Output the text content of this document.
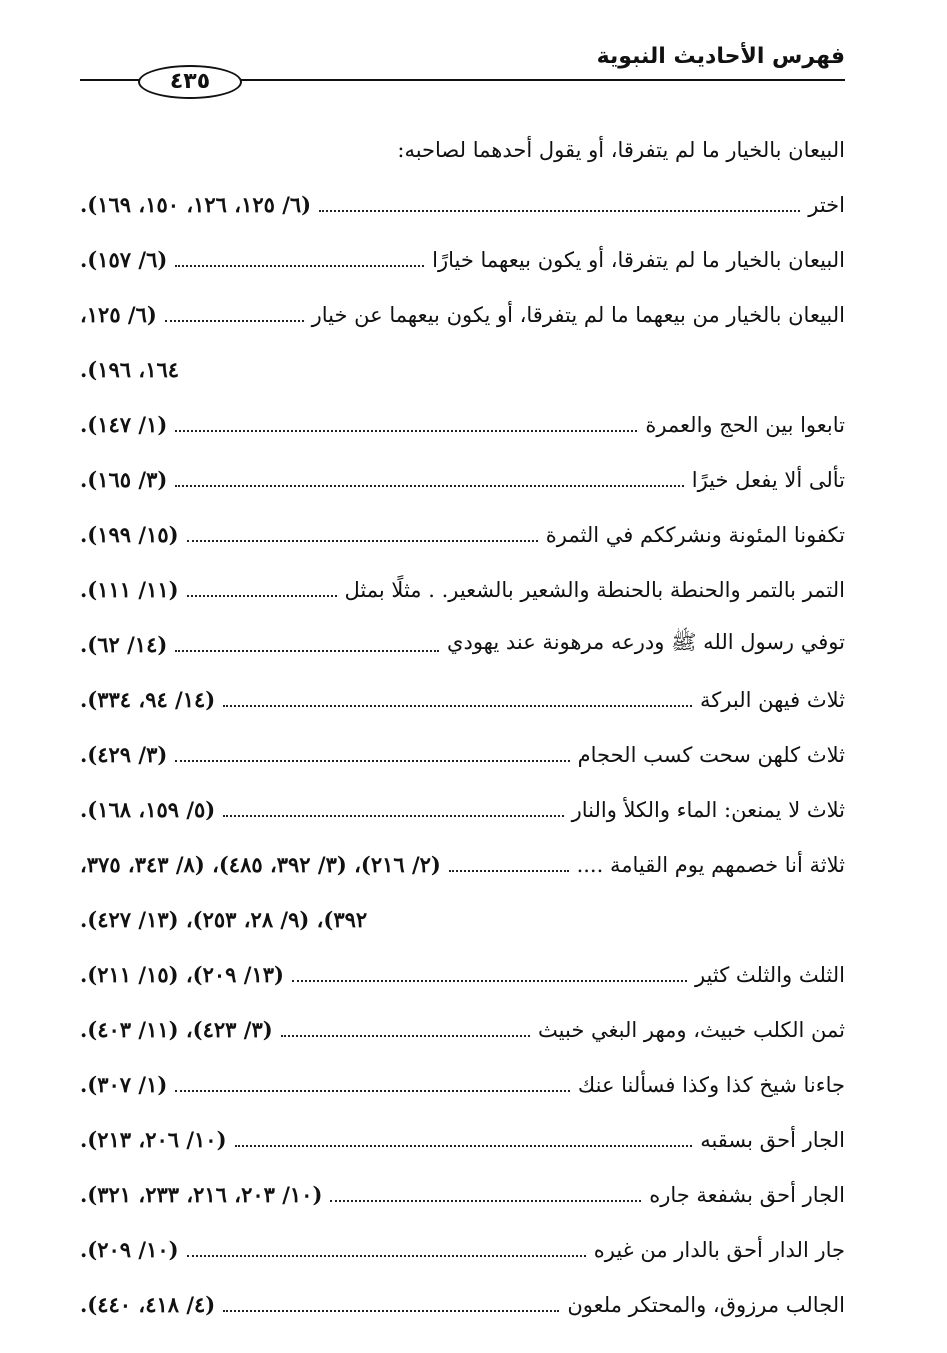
فهرس الأحاديث النبوية
٤٣٥
البيعان بالخيار ما لم يتفرقا، أو يقول أحدهما لصاحبه:
اختر
(٦/ ١٢٥، ١٢٦، ١٥٠، ١٦٩).
البيعان بالخيار ما لم يتفرقا، أو يكون بيعهما خيارًا
(٦/ ١٥٧).
البيعان بالخيار من بيعهما ما لم يتفرقا، أو يكون بيعهما عن خيار
(٦/ ١٢٥،
١٦٤، ١٩٦).
تابعوا بين الحج والعمرة
(١/ ١٤٧).
تألى ألا يفعل خيرًا
(٣/ ١٦٥).
تكفونا المئونة ونشرككم في الثمرة
(١٥/ ١٩٩).
التمر بالتمر والحنطة بالحنطة والشعير بالشعير. . مثلًا بمثل
(١١/ ١١١).
توفي رسول الله ﷺ ودرعه مرهونة عند يهودي
(١٤/ ٦٢).
ثلاث فيهن البركة
(١٤/ ٩٤، ٣٣٤).
ثلاث كلهن سحت كسب الحجام
(٣/ ٤٢٩).
ثلاث لا يمنعن: الماء والكلأ والنار
(٥/ ١٥٩، ١٦٨).
ثلاثة أنا خصمهم يوم القيامة ....
(٢/ ٢١٦)، (٣/ ٣٩٢، ٤٨٥)، (٨/ ٣٤٣، ٣٧٥،
٣٩٢)، (٩/ ٢٨، ٢٥٣)، (١٣/ ٤٢٧).
الثلث والثلث كثير
(١٣/ ٢٠٩)، (١٥/ ٢١١).
ثمن الكلب خبيث، ومهر البغي خبيث
(٣/ ٤٢٣)، (١١/ ٤٠٣).
جاءنا شيخ كذا وكذا فسألنا عنك
(١/ ٣٠٧).
الجار أحق بسقبه
(١٠/ ٢٠٦، ٢١٣).
الجار أحق بشفعة جاره
(١٠/ ٢٠٣، ٢١٦، ٢٣٣، ٣٢١).
جار الدار أحق بالدار من غيره
(١٠/ ٢٠٩).
الجالب مرزوق، والمحتكر ملعون
(٤/ ٤١٨، ٤٤٠).
